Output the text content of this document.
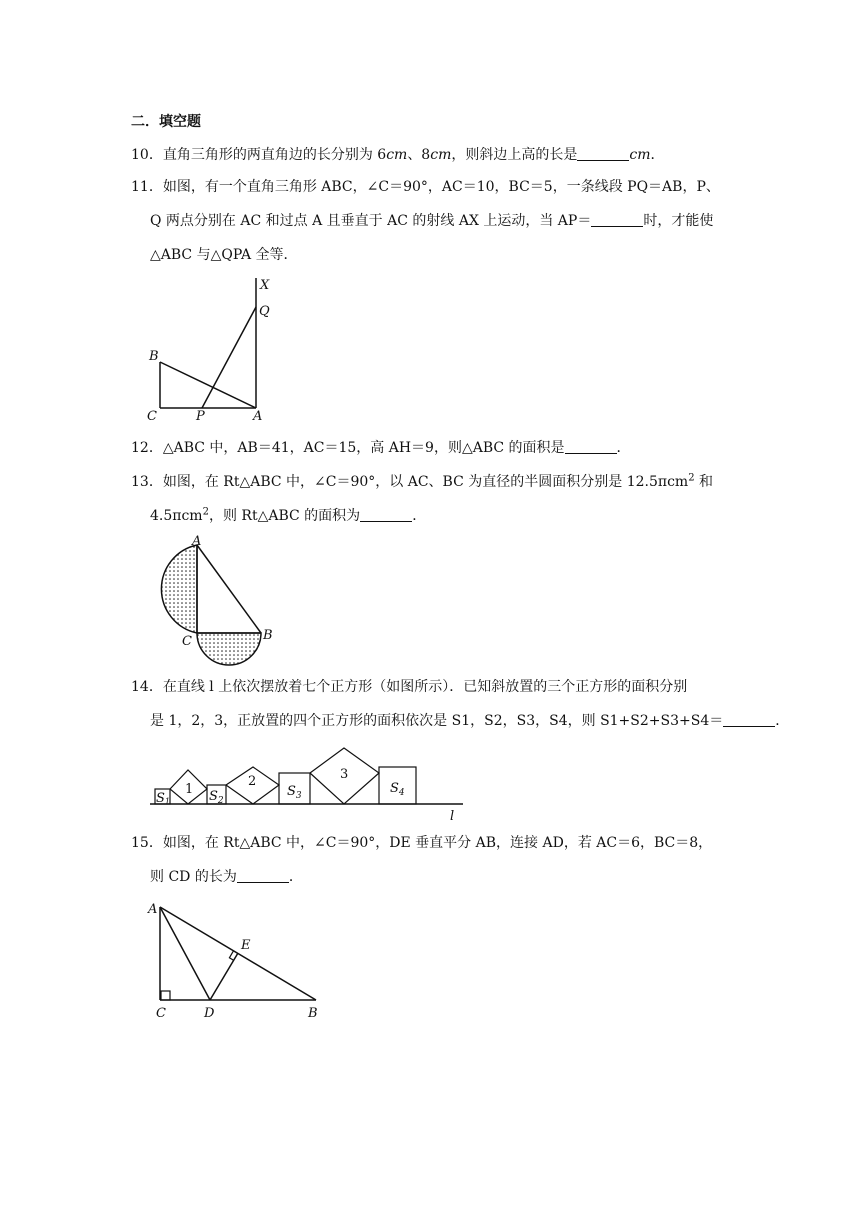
二．填空题
10．直角三角形的两直角边的长分别为 6cm、8cm，则斜边上高的长是	cm．
11．如图，有一个直角三角形 ABC，∠C＝90°，AC＝10，BC＝5，一条线段 PQ＝AB，P、
Q 两点分别在 AC 和过点 A 且垂直于 AC 的射线 AX 上运动，当 AP＝	时，才能使
△ABC 与△QPA 全等．
X
Q
B
C	P	A
12．△ABC 中，AB＝41，AC＝15，高 AH＝9，则△ABC 的面积是	．
13．如图，在 Rt△ABC 中，∠C＝90°，以 AC、BC 为直径的半圆面积分别是 12.5πcm$^2$ 和
4.5πcm$^2$，则 Rt△ABC 的面积为	．
A
C	B
14．在直线 l 上依次摆放着七个正方形（如图所示）．已知斜放置的三个正方形的面积分别
是 1，2，3，正放置的四个正方形的面积依次是 S1，S2，S3，S4，则 S1+S2+S3+S4＝	．
1
2	3
S1	$S_2$
$S_3$	$S_4$
l
15．如图，在 Rt△ABC 中，∠C＝90°，DE 垂直平分 AB，连接 AD，若 AC＝6，BC＝8，
则 CD 的长为	．
A
E
C	D	B
